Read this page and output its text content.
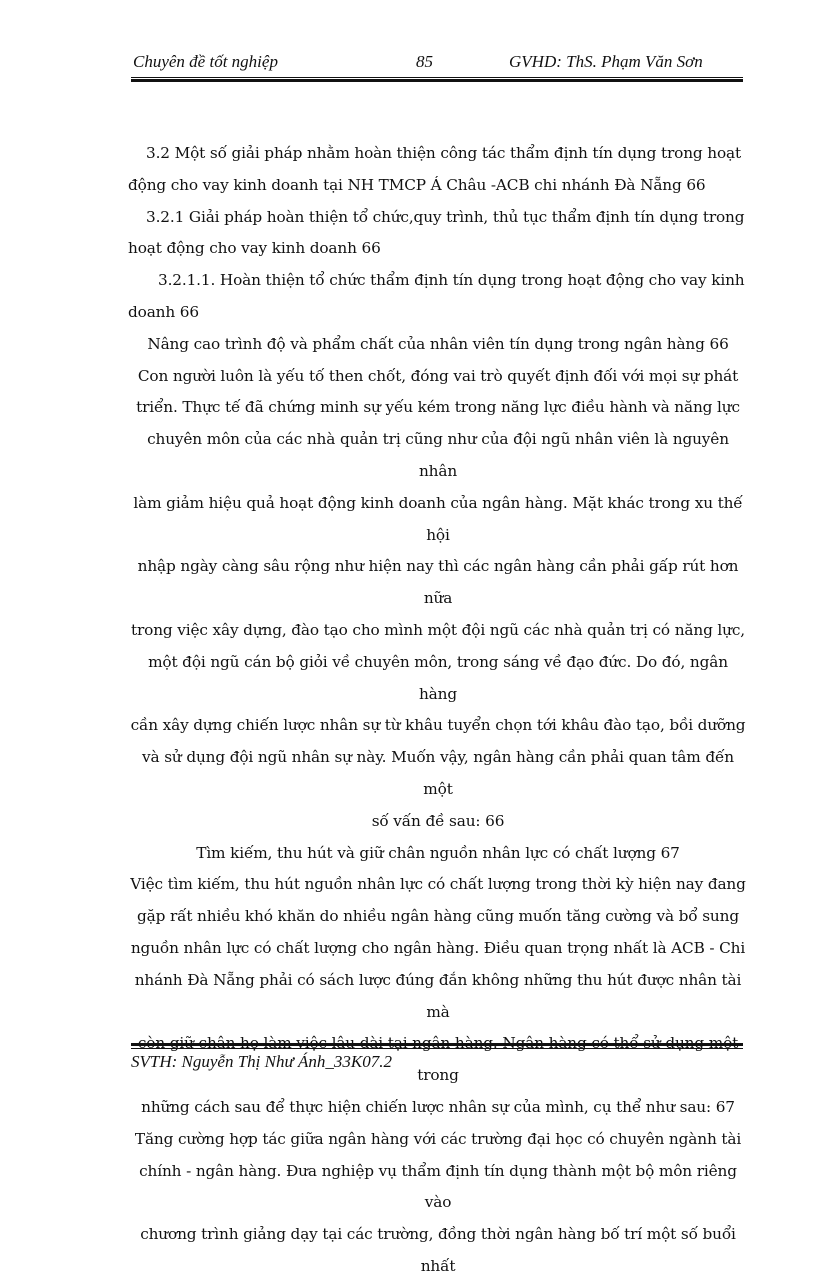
Chuyên đề tốt nghiệp	85	GVHD: ThS. Phạm Văn Sơn

3.2 Một số giải pháp nhằm hoàn thiện công tác thẩm định tín dụng trong hoạt

động cho vay kinh doanh tại NH TMCP Á Châu -ACB chi nhánh Đà Nẵng 66

3.2.1 Giải pháp hoàn thiện tổ chức,quy trình, thủ tục thẩm định tín dụng trong

hoạt động cho vay kinh doanh 66

3.2.1.1. Hoàn thiện tổ chức thẩm định tín dụng trong hoạt động cho vay kinh

doanh 66

Nâng cao trình độ và phẩm chất của nhân viên tín dụng trong ngân hàng 66

Con người luôn là yếu tố then chốt, đóng vai trò quyết định đối với mọi sự phát

triển. Thực tế đã chứng minh sự yếu kém trong năng lực điều hành và năng lực

chuyên môn của các nhà quản trị cũng như của đội ngũ nhân viên là nguyên nhân

làm giảm hiệu quả hoạt động kinh doanh của ngân hàng. Mặt khác trong xu thế hội

nhập ngày càng sâu rộng như hiện nay thì các ngân hàng cần phải gấp rút hơn nữa

trong việc xây dựng, đào tạo cho mình một đội ngũ các nhà quản trị có năng lực,

một đội ngũ cán bộ giỏi về chuyên môn, trong sáng về đạo đức. Do đó, ngân hàng

cần xây dựng chiến lược nhân sự từ khâu tuyển chọn tới khâu đào tạo, bồi dưỡng

và sử dụng đội ngũ nhân sự này. Muốn vậy, ngân hàng cần phải quan tâm đến một

số vấn đề sau: 66

Tìm kiếm, thu hút và giữ chân nguồn nhân lực có chất lượng 67

Việc tìm kiếm, thu hút nguồn nhân lực có chất lượng trong thời kỳ hiện nay đang

gặp rất nhiều khó khăn do nhiều ngân hàng cũng muốn tăng cường và bổ sung

nguồn nhân lực có chất lượng cho ngân hàng. Điều quan trọng nhất là ACB - Chi

nhánh Đà Nẵng phải có sách lược đúng đắn không những thu hút được nhân tài mà

trong

những cách sau để thực hiện chiến lược nhân sự của mình, cụ thể như sau: 67

Tăng cường hợp tác giữa ngân hàng với các trường đại học có chuyên ngành tài

chính - ngân hàng. Đưa nghiệp vụ thẩm định tín dụng thành một bộ môn riêng vào

chương trình giảng dạy tại các trường, đồng thời ngân hàng bố trí một số buổi nhất

SVTH: Nguyễn Thị Như Ánh_33K07.2
